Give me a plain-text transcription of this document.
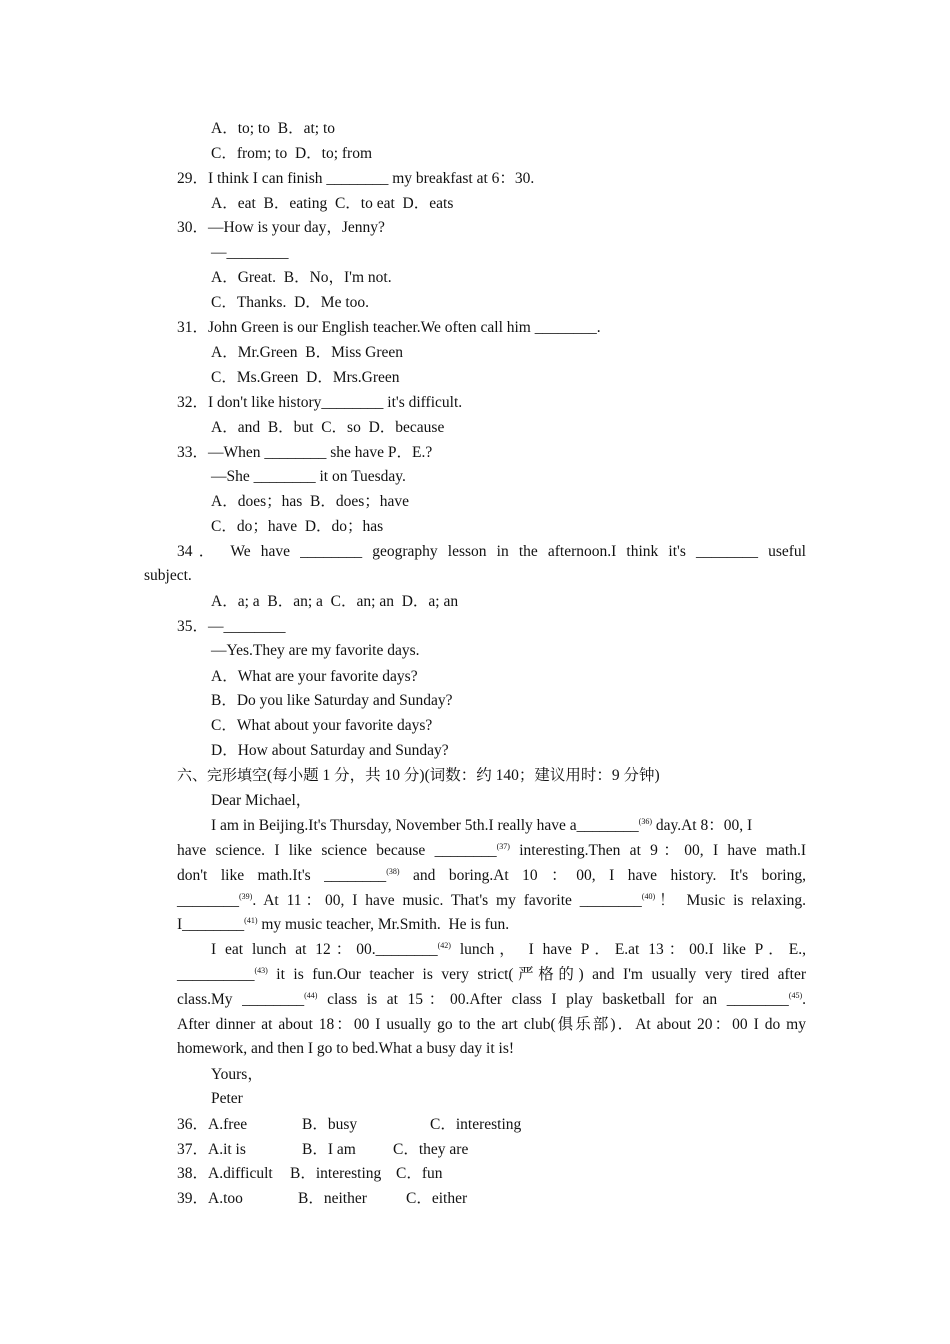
A．to; to  B．at; to
C．from; to  D．to; from
29．I think I can finish ________ my breakfast at 6：30.
A．eat  B．eating  C．to eat  D．eats
30．—How is your day，Jenny?
—________
A．Great.  B．No，I'm not.
C．Thanks.  D．Me too.
31．John Green is our English teacher.We often call him ________.
A．Mr.Green  B．Miss Green
C．Ms.Green  D．Mrs.Green
32．I don't like history________ it's difficult.
A．and  B．but  C．so  D．because
33．—When ________ she have P．E.?
—She ________ it on Tuesday.
A．does；has  B．does；have
C．do；have  D．do；has
34． We have ________ geography lesson in the afternoon.I think it's ________ useful
subject.
A．a; a  B．an; a  C．an; an  D．a; an
35．—________
—Yes.They are my favorite days.
A．What are your favorite days?
B．Do you like Saturday and Sunday?
C．What about your favorite days?
D．How about Saturday and Sunday?
六、完形填空(每小题 1 分，共 10 分)(词数：约 140；建议用时：9 分钟)
Dear Michael，
I am in Beijing.It's Thursday, November 5th.I really have a________$^{(36)}$ day.At 8：00, I
have science. I like science because ________$^{(37)}$ interesting.Then at 9：00, I have math.I
don't like math.It's ________$^{(38)}$ and boring.At 10 ：00, I have history. It's boring,
________$^{(39)}$. At 11：00, I have music. That's my favorite ________$^{(40)}$！ Music is relaxing.
I________$^{(41)}$ my music teacher, Mr.Smith.  He is fun.
I eat lunch at 12：00.________$^{(42)}$ lunch， I have P．E.at 13：00.I like P．E.,
__________$^{(43)}$ it is fun.Our teacher is very strict(严格的) and I'm usually very tired after
class.My ________$^{(44)}$ class is at 15：00.After class I play basketball for an ________$^{(45)}$.
After dinner at about 18：00 I usually go to the art club(俱乐部)．At about 20：00 I do my
homework, and then I go to bed.What a busy day it is!
Yours，
Peter
36．A.free	B．busy	C．interesting
37．A.it is	B．I am C．they are
38．A.difficult B．interesting C．fun
39．A.too	B．neither	C．either
